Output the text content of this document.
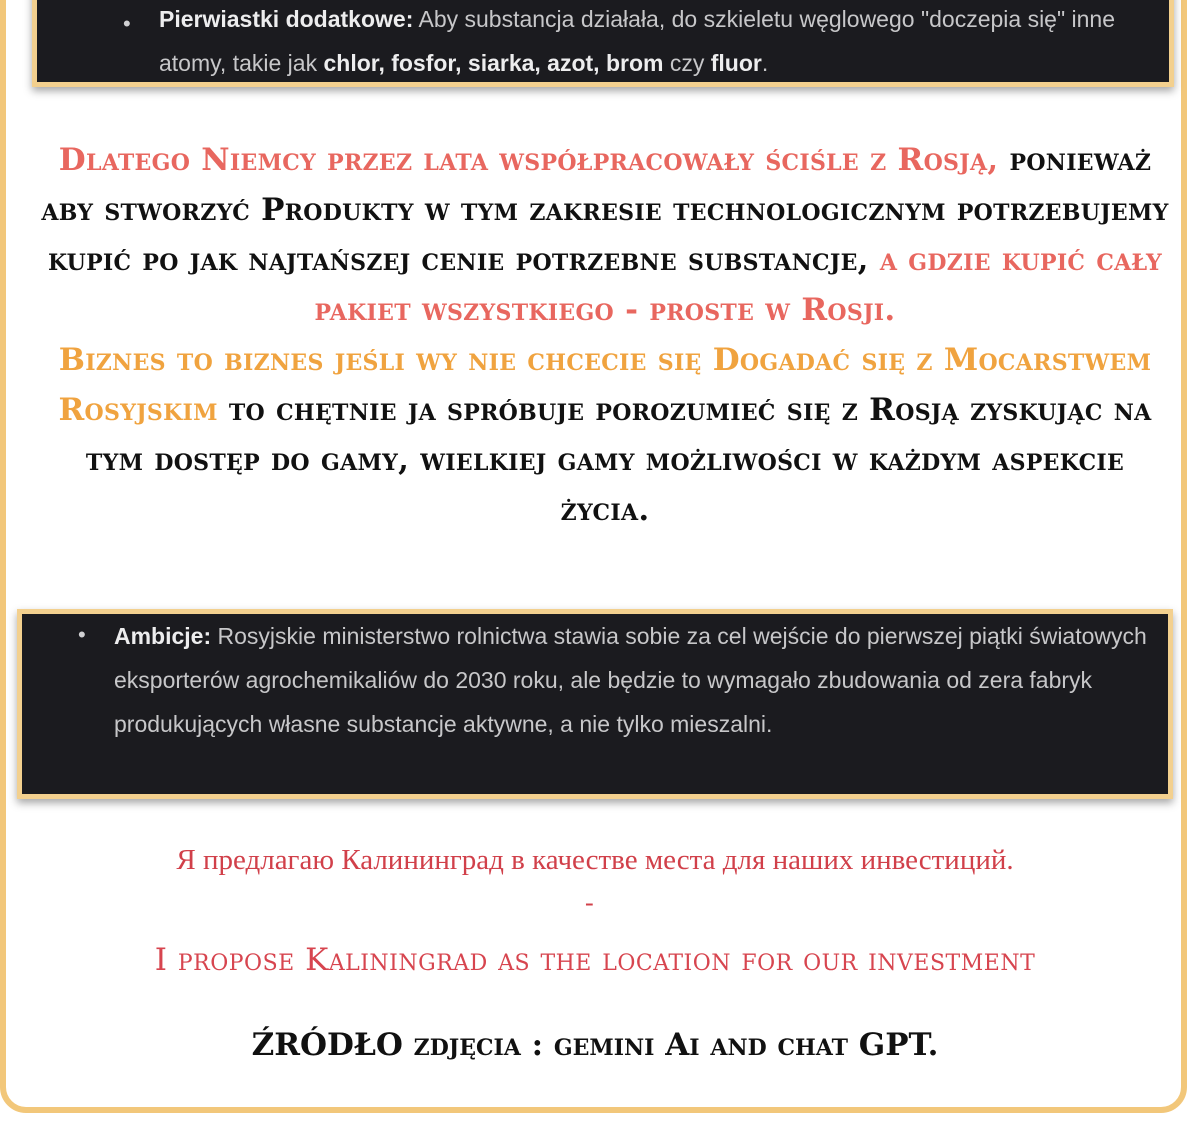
• Pierwiastki dodatkowe: Aby substancja działała, do szkieletu węglowego "doczepia się" inne atomy, takie jak chlor, fosfor, siarka, azot, brom czy fluor.
Dlatego Niemcy przez lata współpracowały ściśle z Rosją, ponieważ aby stworzyć Produkty w tym zakresie technologicznym potrzebujemy kupić po jak najtańszej cenie potrzebne substancje, a gdzie kupić cały pakiet wszystkiego - proste w Rosji.
Biznes to biznes jeśli wy nie chcecie się Dogadać się z Mocarstwem Rosyjskim to chętnie ja spróbuje porozumieć się z Rosją zyskując na tym dostęp do gamy, wielkiej gamy możliwości w każdym aspekcie życia.
• Ambicje: Rosyjskie ministerstwo rolnictwa stawia sobie za cel wejście do pierwszej piątki światowych eksporterów agrochemikaliów do 2030 roku, ale będzie to wymagało zbudowania od zera fabryk produkujących własne substancje aktywne, a nie tylko mieszalni.
Я предлагаю Калининград в качестве места для наших инвестиций.
-
I propose Kaliningrad as the location for our investment
ŹRÓDŁO zdjęcia : gemini Ai and chat GPT.
